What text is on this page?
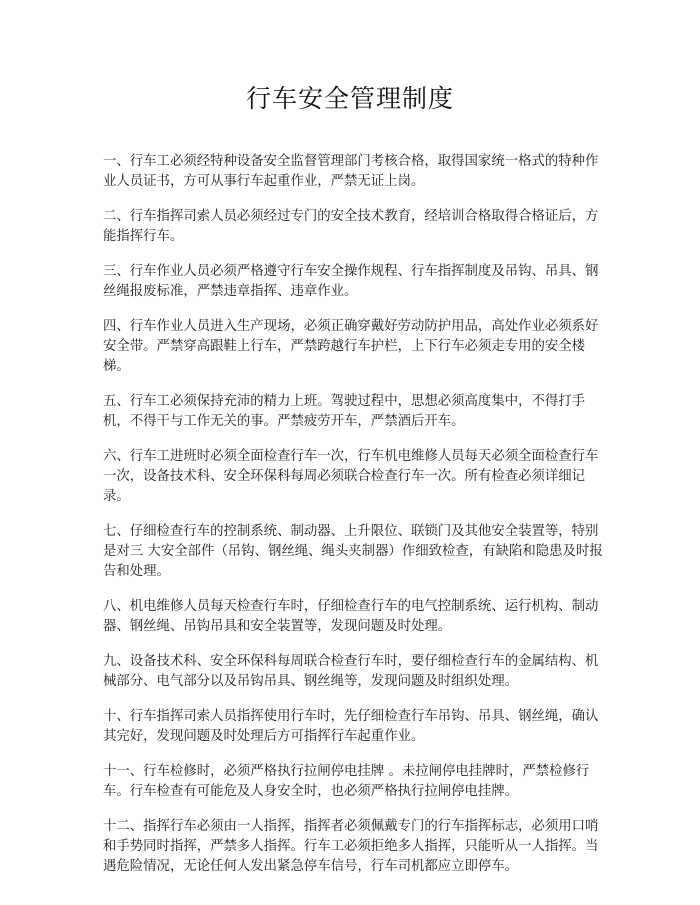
行车安全管理制度

一、行车工必须经特种设备安全监督管理部门考核合格，取得国家统一格式的特种作业人员证书，方可从事行车起重作业，严禁无证上岗。

二、行车指挥司索人员必须经过专门的安全技术教育，经培训合格取得合格证后，方能指挥行车。

三、行车作业人员必须严格遵守行车安全操作规程、行车指挥制度及吊钩、吊具、钢丝绳报废标准，严禁违章指挥、违章作业。

四、行车作业人员进入生产现场，必须正确穿戴好劳动防护用品，高处作业必须系好安全带。严禁穿高跟鞋上行车，严禁跨越行车护栏，上下行车必须走专用的安全楼梯。

五、行车工必须保持充沛的精力上班。驾驶过程中，思想必须高度集中，不得打手机，不得干与工作无关的事。严禁疲劳开车，严禁酒后开车。

六、行车工进班时必须全面检查行车一次，行车机电维修人员每天必须全面检查行车一次，设备技术科、安全环保科每周必须联合检查行车一次。所有检查必须详细记录。

七、仔细检查行车的控制系统、制动器、上升限位、联锁门及其他安全装置等，特别是对三 大安全部件（吊钩、钢丝绳、绳头夹制器）作细致检查，有缺陷和隐患及时报告和处理。

八、机电维修人员每天检查行车时，仔细检查行车的电气控制系统、运行机构、制动器、钢丝绳、吊钩吊具和安全装置等，发现问题及时处理。

九、设备技术科、安全环保科每周联合检查行车时，要仔细检查行车的金属结构、机械部分、电气部分以及吊钩吊具、钢丝绳等，发现问题及时组织处理。

十、行车指挥司索人员指挥使用行车时，先仔细检查行车吊钩、吊具、钢丝绳，确认其完好，发现问题及时处理后方可指挥行车起重作业。

十一、行车检修时，必须严格执行拉闸停电挂牌 。未拉闸停电挂牌时，严禁检修行车。行车检查有可能危及人身安全时，也必须严格执行拉闸停电挂牌。

十二、指挥行车必须由一人指挥，指挥者必须佩戴专门的行车指挥标志，必须用口哨和手势同时指挥，严禁多人指挥。行车工必须拒绝多人指挥，只能听从一人指挥。当遇危险情况，无论任何人发出紧急停车信号，行车司机都应立即停车。
